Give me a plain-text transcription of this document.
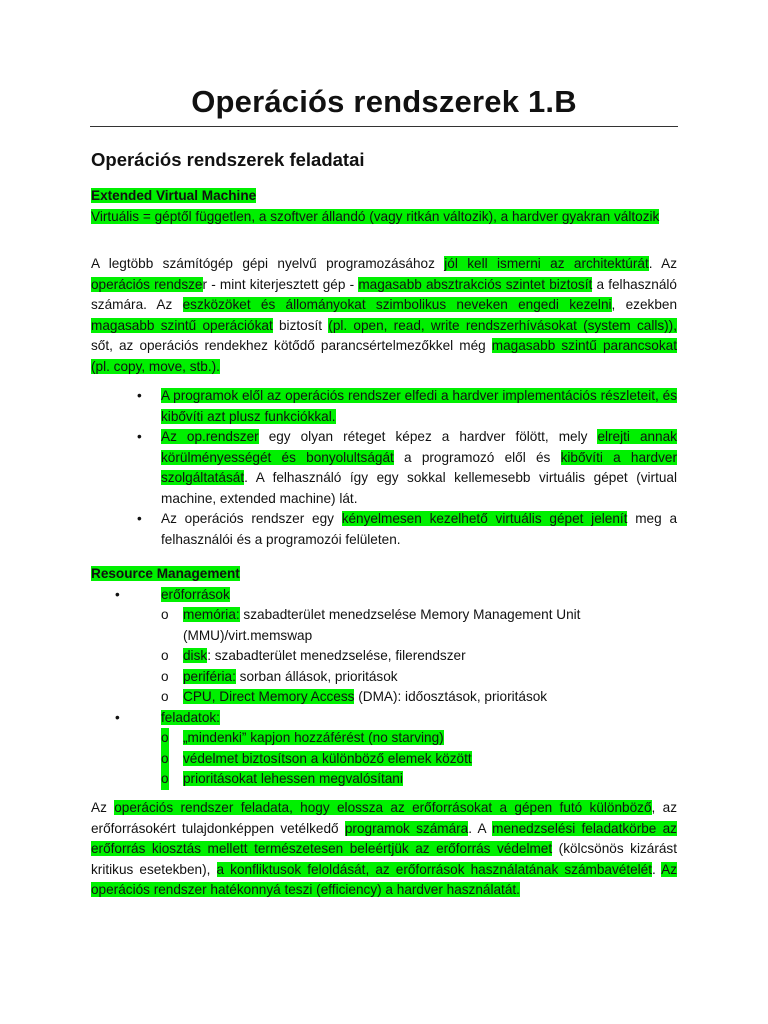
Operációs rendszerek 1.B
Operációs rendszerek feladatai
Extended Virtual Machine
Virtuális = géptől független, a szoftver állandó (vagy ritkán változik), a hardver gyakran változik
A legtöbb számítógép gépi nyelvű programozásához jól kell ismerni az architektúrát. Az operációs rendszer - mint kiterjesztett gép - magasabb absztrakciós szintet biztosít a felhasználó számára. Az eszközöket és állományokat szimbolikus neveken engedi kezelni, ezekben magasabb szintű operációkat biztosít (pl. open, read, write rendszerhívásokat (system calls)), sőt, az operációs rendekhez kötődő parancsértelmezőkkel még magasabb szintű parancsokat (pl. copy, move, stb.).
• A programok elől az operációs rendszer elfedi a hardver implementációs részleteit, és kibővíti azt plusz funkciókkal.
• Az op.rendszer egy olyan réteget képez a hardver fölött, mely elrejti annak körülményességét és bonyolultságát a programozó elől és kibővíti a hardver szolgáltatását. A felhasználó így egy sokkal kellemesebb virtuális gépet (virtual machine, extended machine) lát.
• Az operációs rendszer egy kényelmesen kezelhető virtuális gépet jelenít meg a felhasználói és a programozói felületen.
Resource Management
•	erőforrások
o memória: szabadterület menedzselése Memory Management Unit (MMU)/virt.memswap
o disk: szabadterület menedzselése, filerendszer
o periféria: sorban állások, prioritások
o CPU, Direct Memory Access (DMA): időosztások, prioritások
•	feladatok:
o „mindenki” kapjon hozzáférést (no starving)
o védelmet biztosítson a különböző elemek között
o prioritásokat lehessen megvalósítani
Az operációs rendszer feladata, hogy elossza az erőforrásokat a gépen futó különböző, az erőforrásokért tulajdonképpen vetélkedő programok számára. A menedzselési feladatkörbe az erőforrás kiosztás mellett természetesen beleértjük az erőforrás védelmet (kölcsönös kizárást kritikus esetekben), a konfliktusok feloldását, az erőforrások használatának számbavételét. Az operációs rendszer hatékonnyá teszi (efficiency) a hardver használatát.
